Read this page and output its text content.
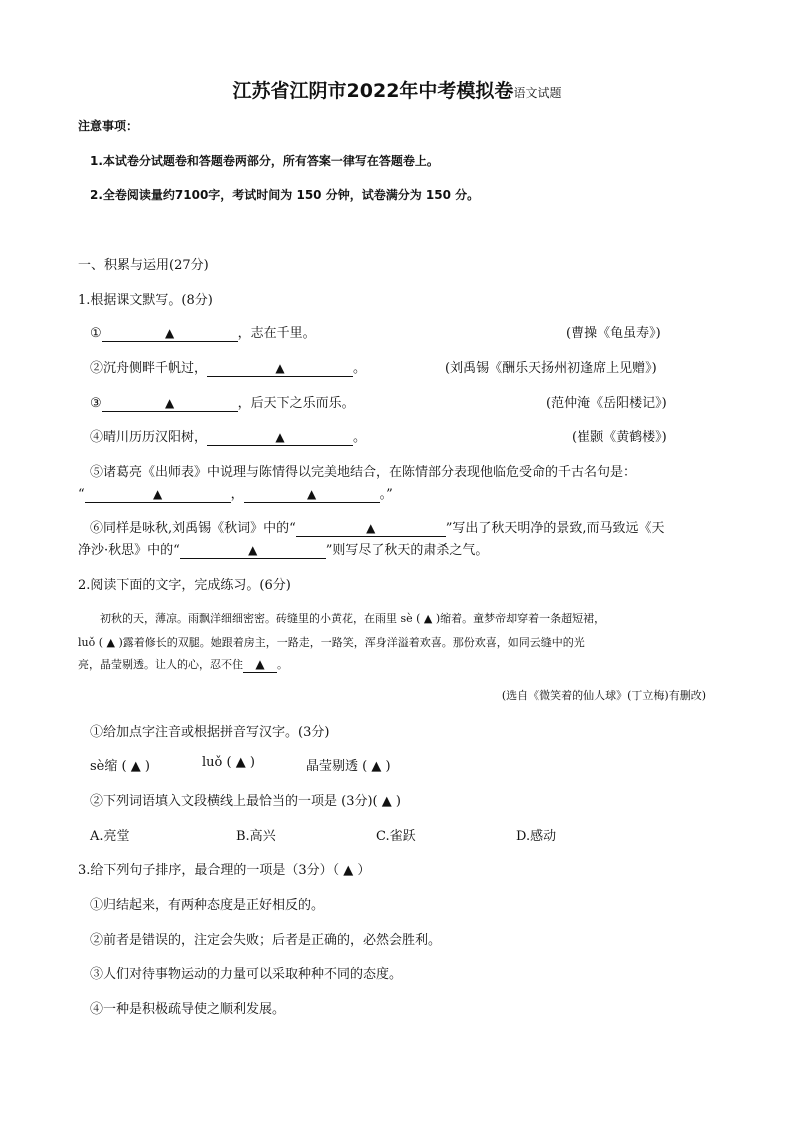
江苏省江阴市2022年中考模拟卷语文试题
注意事项：
1.本试卷分试题卷和答题卷两部分，所有答案一律写在答题卷上。
2.全卷阅读量约7100字，考试时间为 150 分钟，试卷满分为 150 分。
一、积累与运用(27分)
1.根据课文默写。(8分)
①	▲	，志在千里。	(曹操《龟虽寿》)
②沉舟侧畔千帆过，	▲	。	(刘禹锡《酬乐天扬州初逢席上见赠》)
③	▲	，后天下之乐而乐。	(范仲淹《岳阳楼记》)
④晴川历历汉阳树，	▲	。	(崔颢《黄鹤楼》)
⑤诸葛亮《出师表》中说理与陈情得以完美地结合，在陈情部分表现他临危受命的千古名句是：
“	▲	，	▲	。”
⑥同样是咏秋,刘禹锡《秋词》中的“	▲	”写出了秋天明净的景致,而马致远《天
净沙·秋思》中的“	▲	”则写尽了秋天的肃杀之气。
2.阅读下面的文字，完成练习。(6分)
初秋的天，薄凉。雨飘洋细细密密。砖缝里的小黄花，在雨里 sè ( ▲ )缩着。童梦帝却穿着一条超短裙，
luǒ ( ▲ )露着修长的双腿。她跟着房主，一路走，一路笑，浑身洋溢着欢喜。那份欢喜，如同云缝中的光
亮，晶莹剔透。让人的心，忍不住 ▲ 。
(选自《微笑着的仙人球》(丁立梅)有删改)
①给加点字注音或根据拼音写汉字。(3分)
sè缩 ( ▲ )	luǒ ( ▲ )	晶莹剔透 ( ▲ )
②下列词语填入文段横线上最恰当的一项是 (3分)( ▲ )
A.亮堂	B.高兴	C.雀跃	D.感动
3.给下列句子排序，最合理的一项是（3分）（ ▲ ）
①归结起来，有两种态度是正好相反的。
②前者是错误的，注定会失败；后者是正确的，必然会胜利。
③人们对待事物运动的力量可以采取种种不同的态度。
④一种是积极疏导使之顺利发展。
